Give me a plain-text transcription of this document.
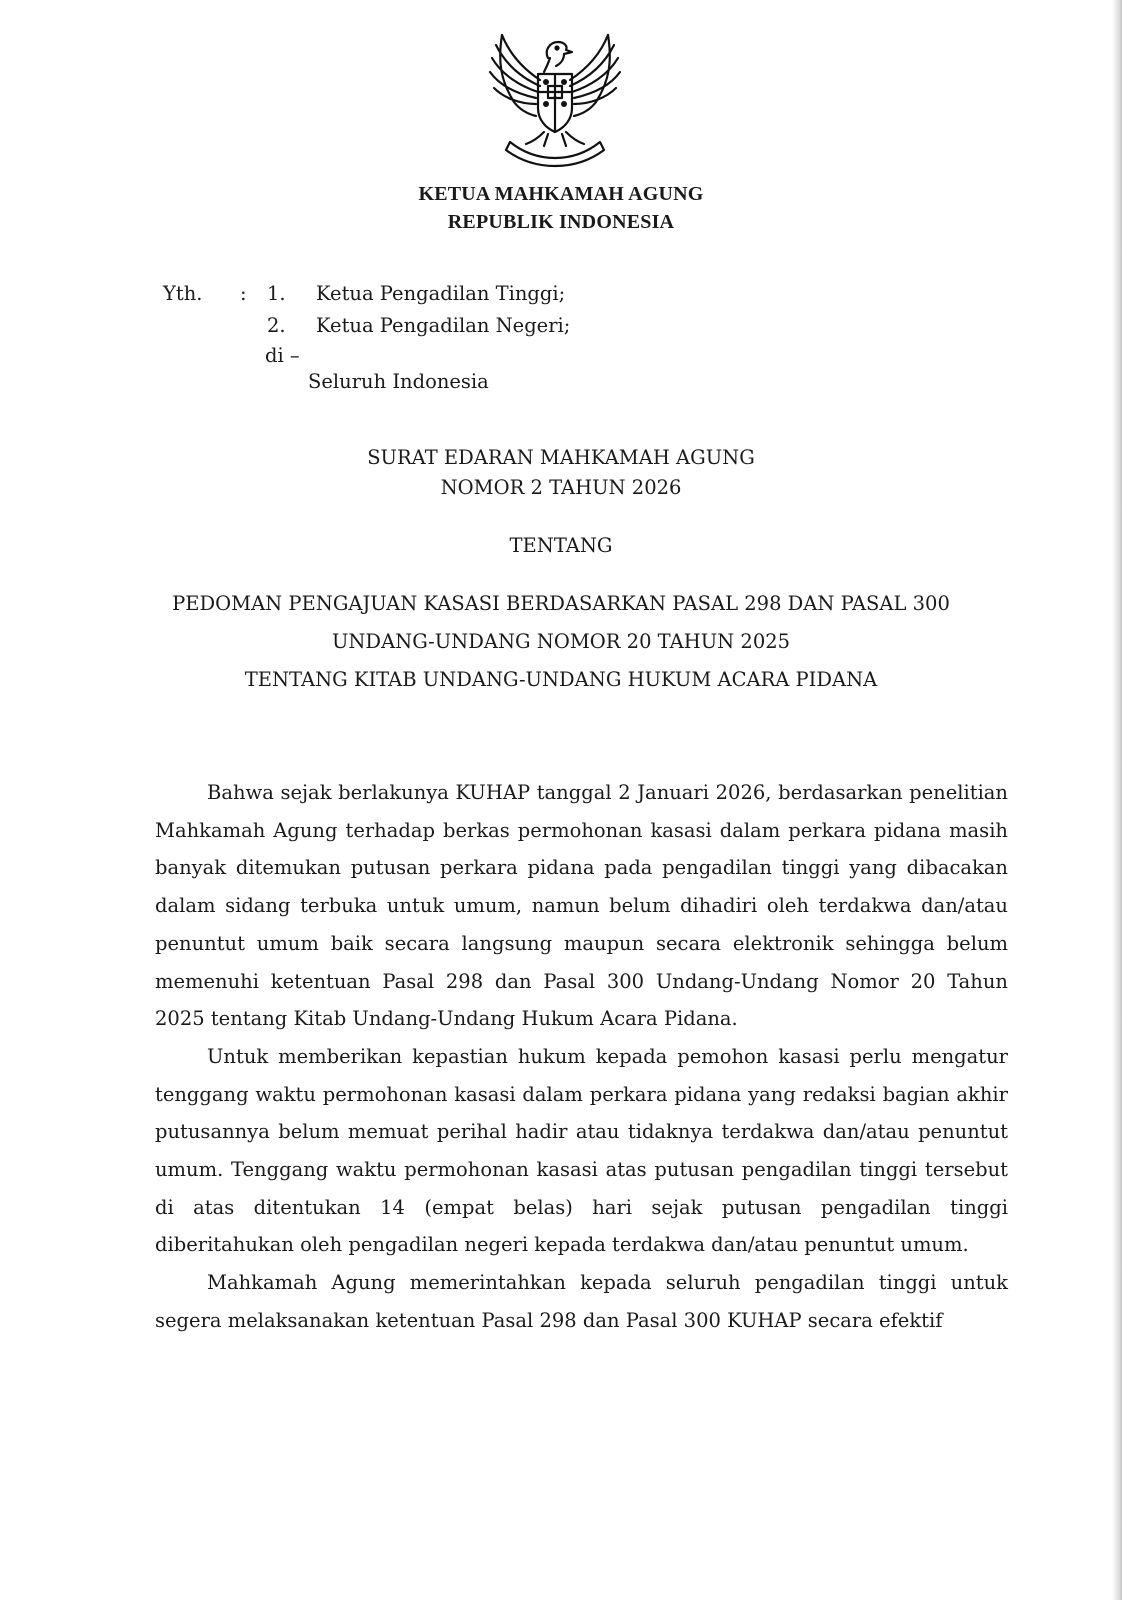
KETUA MAHKAMAH AGUNG
REPUBLIK INDONESIA
Yth. : 1. Ketua Pengadilan Tinggi;
2. Ketua Pengadilan Negeri;
di –
Seluruh Indonesia
SURAT EDARAN MAHKAMAH AGUNG
NOMOR 2 TAHUN 2026
TENTANG
PEDOMAN PENGAJUAN KASASI BERDASARKAN PASAL 298 DAN PASAL 300
UNDANG-UNDANG NOMOR 20 TAHUN 2025
TENTANG KITAB UNDANG-UNDANG HUKUM ACARA PIDANA

Bahwa sejak berlakunya KUHAP tanggal 2 Januari 2026, berdasarkan penelitian Mahkamah Agung terhadap berkas permohonan kasasi dalam perkara pidana masih banyak ditemukan putusan perkara pidana pada pengadilan tinggi yang dibacakan dalam sidang terbuka untuk umum, namun belum dihadiri oleh terdakwa dan/atau penuntut umum baik secara langsung maupun secara elektronik sehingga belum memenuhi ketentuan Pasal 298 dan Pasal 300 Undang-Undang Nomor 20 Tahun 2025 tentang Kitab Undang-Undang Hukum Acara Pidana.

Untuk memberikan kepastian hukum kepada pemohon kasasi perlu mengatur tenggang waktu permohonan kasasi dalam perkara pidana yang redaksi bagian akhir putusannya belum memuat perihal hadir atau tidaknya terdakwa dan/atau penuntut umum. Tenggang waktu permohonan kasasi atas putusan pengadilan tinggi tersebut di atas ditentukan 14 (empat belas) hari sejak putusan pengadilan tinggi diberitahukan oleh pengadilan negeri kepada terdakwa dan/atau penuntut umum.

Mahkamah Agung memerintahkan kepada seluruh pengadilan tinggi untuk segera melaksanakan ketentuan Pasal 298 dan Pasal 300 KUHAP secara efektif
